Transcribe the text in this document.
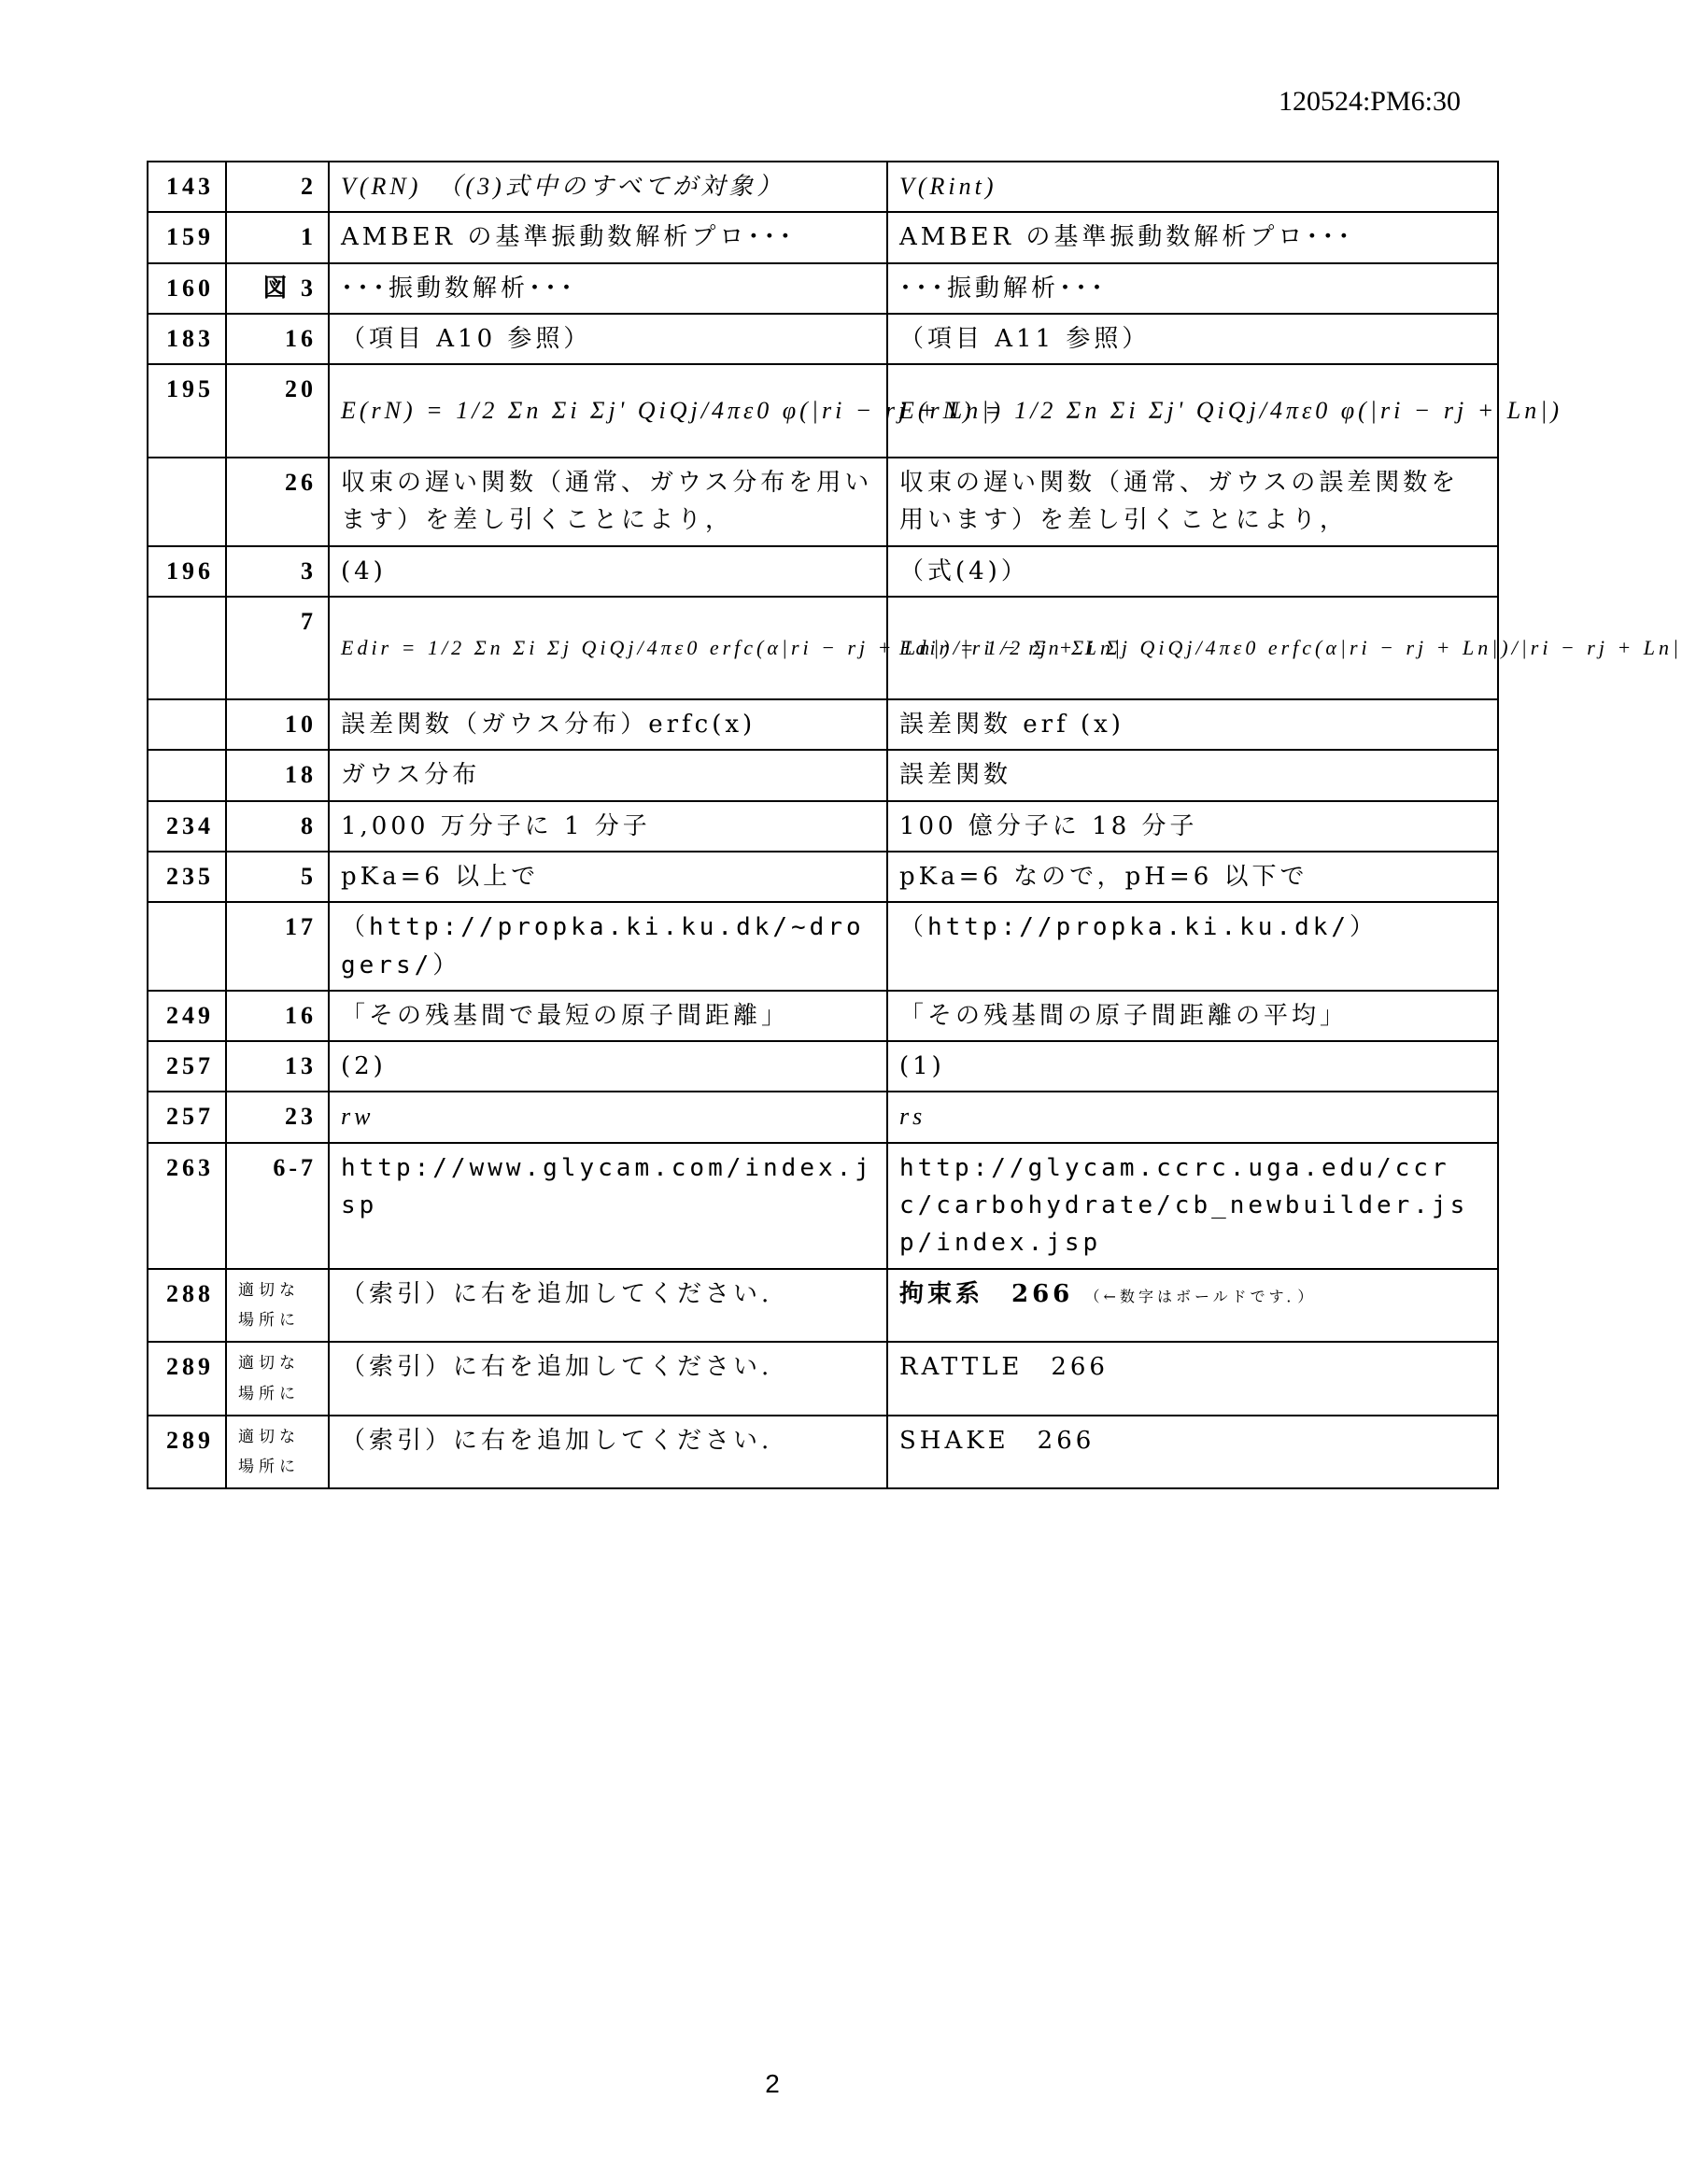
120524:PM6:30
143	2	V(RN)　（(3)式中のすべてが対象）	V(Rint)
159	1	AMBER の基準振動数解析プロ･･･	AMBER の基準振動数解析プロ･･･
160	図 3	･･･振動数解析･･･	･･･振動解析･･･
183	16	（項目 A10 参照）	（項目 A11 参照）
195	20	E(rN) = 1/2 Σn Σi Σj' QiQj/4πε0 φ(|ri − rj + Ln|)	E(rN) = 1/2 Σn Σi Σj' QiQj/4πε0 φ(|ri − rj + Ln|)
	26	収束の遅い関数（通常、ガウス分布を用います）を差し引くことにより，	収束の遅い関数（通常、ガウスの誤差関数を用います）を差し引くことにより，
196	3	(4)	（式(4)）
	7	Edir = 1/2 Σn Σi Σj QiQj/4πε0 erfc(α|ri − rj + Ln|)/|ri − rj + Ln|	Edir = 1/2 Σn Σi Σj QiQj/4πε0 erfc(α|ri − rj + Ln|)/|ri − rj + Ln|
	10	誤差関数（ガウス分布）erfc(x)	誤差関数 erf (x)
	18	ガウス分布	誤差関数
234	8	1,000 万分子に 1 分子	100 億分子に 18 分子
235	5	pKa=6 以上で	pKa=6 なので，pH=6 以下で
	17	（http://propka.ki.ku.dk/~drogers/）	（http://propka.ki.ku.dk/）
249	16	「その残基間で最短の原子間距離」	「その残基間の原子間距離の平均」
257	13	(2)	(1)
257	23	rw	rs
263	6-7	http://www.glycam.com/index.jsp	http://glycam.ccrc.uga.edu/ccrc/carbohydrate/cb_newbuilder.jsp/index.jsp
288	適切な場所に	（索引）に右を追加してください.	拘束系　266 （←数字はボールドです．）
289	適切な場所に	（索引）に右を追加してください.	RATTLE　266
289	適切な場所に	（索引）に右を追加してください.	SHAKE　266
2
